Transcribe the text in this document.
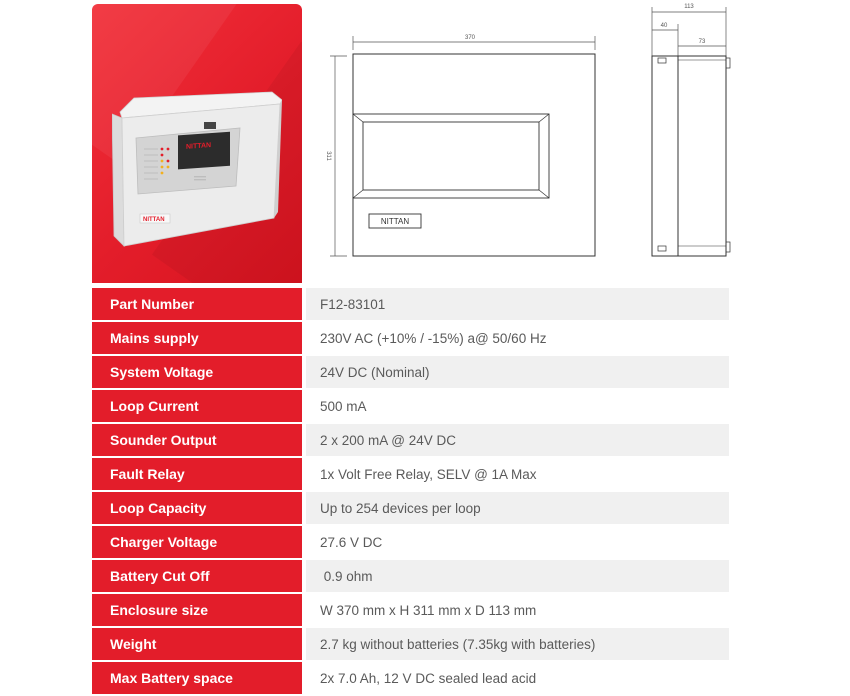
NITTAN
NITTAN
370
311
NITTAN
113
40
73
Part Number	F12-83101
Mains supply	230V AC (+10% / -15%) a@ 50/60 Hz
System Voltage	24V DC (Nominal)
Loop Current	500 mA
Sounder Output	2 x 200 mA @ 24V DC
Fault Relay	1x Volt Free Relay, SELV @ 1A Max
Loop Capacity	Up to 254 devices per loop
Charger Voltage	27.6 V DC
Battery Cut Off	0.9 ohm
Enclosure size	W 370 mm x H 311 mm x D 113 mm
Weight	2.7 kg without batteries (7.35kg with batteries)
Max Battery space	2x 7.0 Ah, 12 V DC sealed lead acid
